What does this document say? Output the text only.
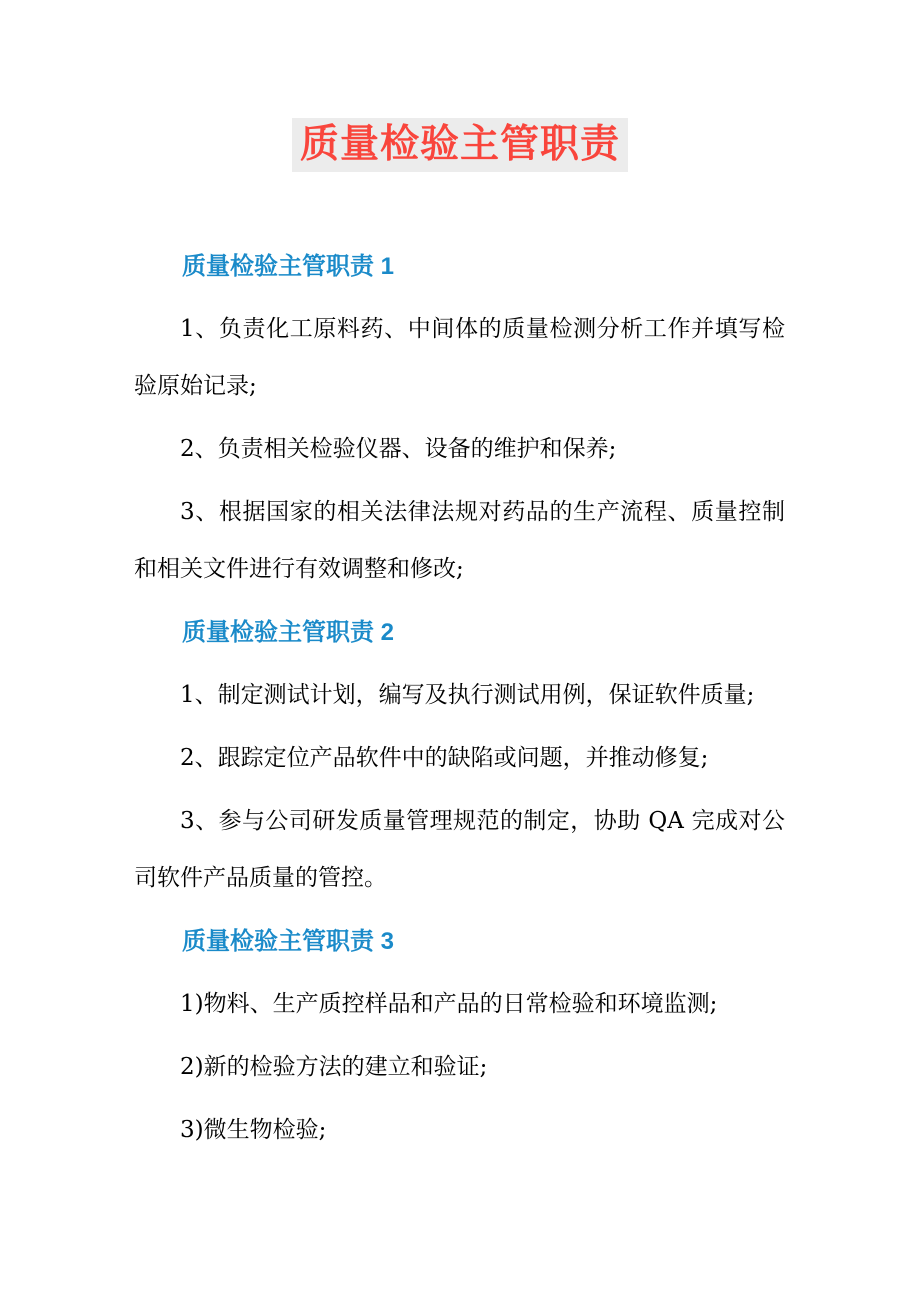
质量检验主管职责
质量检验主管职责 1

1、负责化工原料药、中间体的质量检测分析工作并填写检验原始记录;

2、负责相关检验仪器、设备的维护和保养;

3、根据国家的相关法律法规对药品的生产流程、质量控制和相关文件进行有效调整和修改;

质量检验主管职责 2

1、制定测试计划，编写及执行测试用例，保证软件质量;

2、跟踪定位产品软件中的缺陷或问题，并推动修复;

3、参与公司研发质量管理规范的制定，协助 QA 完成对公司软件产品质量的管控。

质量检验主管职责 3

1)物料、生产质控样品和产品的日常检验和环境监测;

2)新的检验方法的建立和验证;

3)微生物检验;
